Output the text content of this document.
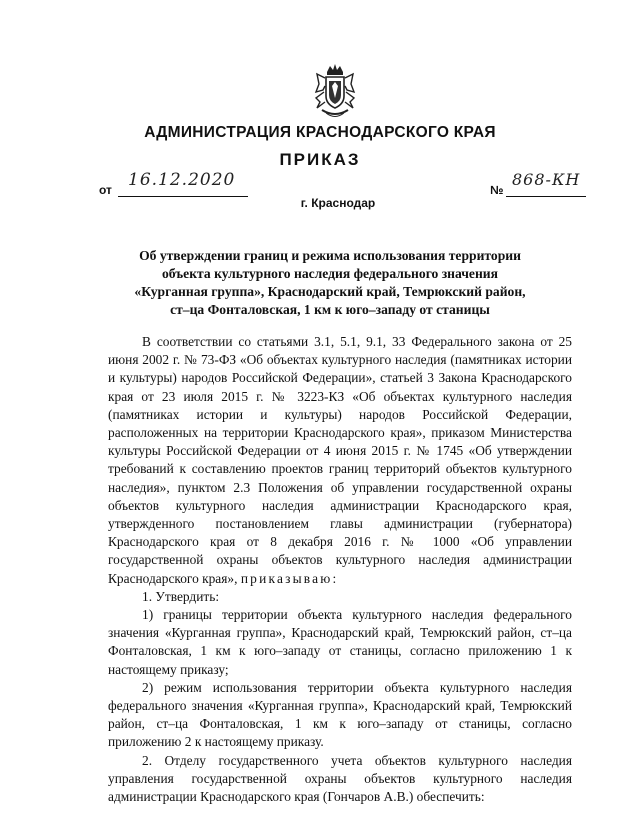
АДМИНИСТРАЦИЯ КРАСНОДАРСКОГО КРАЯ
ПРИКАЗ
от 16.12.2020	№
868-КН
г. Краснодар
Об утверждении границ и режима использования территории
объекта культурного наследия федерального значения
«Курганная группа», Краснодарский край, Темрюкский район,
ст–ца Фонталовская, 1 км к юго–западу от станицы

В соответствии со статьями 3.1, 5.1, 9.1, 33 Федерального закона от 25 июня 2002 г. № 73-ФЗ «Об объектах культурного наследия (памятниках истории и культуры) народов Российской Федерации», статьей 3 Закона Краснодарского края от 23 июля 2015 г. № 3223-КЗ «Об объектах культурного наследия (памятниках истории и культуры) народов Российской Федерации, расположенных на территории Краснодарского края», приказом Министерства культуры Российской Федерации от 4 июня 2015 г. № 1745 «Об утверждении требований к составлению проектов границ территорий объектов культурного наследия», пунктом 2.3 Положения об управлении государственной охраны объектов культурного наследия администрации Краснодарского края, утвержденного постановлением главы администрации (губернатора) Краснодарского края от 8 декабря 2016 г. № 1000 «Об управлении государственной охраны объектов культурного наследия администрации Краснодарского края», приказываю:

1. Утвердить:

1) границы территории объекта культурного наследия федерального значения «Курганная группа», Краснодарский край, Темрюкский район, ст–ца Фонталовская, 1 км к юго–западу от станицы, согласно приложению 1 к настоящему приказу;

2) режим использования территории объекта культурного наследия федерального значения «Курганная группа», Краснодарский край, Темрюкский район, ст–ца Фонталовская, 1 км к юго–западу от станицы, согласно приложению 2 к настоящему приказу.

2. Отделу государственного учета объектов культурного наследия управления государственной охраны объектов культурного наследия администрации Краснодарского края (Гончаров А.В.) обеспечить:
